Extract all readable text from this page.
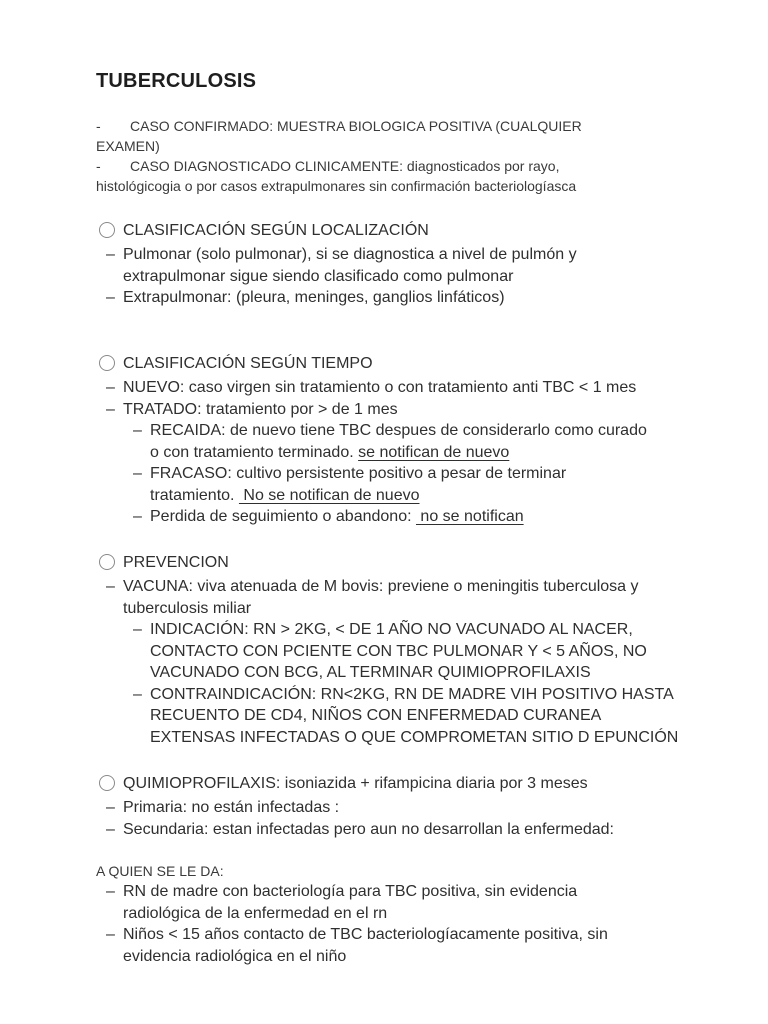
TUBERCULOSIS
- CASO CONFIRMADO: MUESTRA BIOLOGICA POSITIVA (CUALQUIER
EXAMEN)
- CASO DIAGNOSTICADO CLINICAMENTE: diagnosticados por rayo,
histológicogia o por casos extrapulmonares sin confirmación bacteriologíasca
CLASIFICACIÓN SEGÚN LOCALIZACIÓN
– Pulmonar (solo pulmonar), si se diagnostica a nivel de pulmón y
extrapulmonar sigue siendo clasificado como pulmonar
– Extrapulmonar: (pleura, meninges, ganglios linfáticos)
CLASIFICACIÓN SEGÚN TIEMPO
– NUEVO: caso virgen sin tratamiento o con tratamiento anti TBC < 1 mes
– TRATADO: tratamiento por > de 1 mes
– RECAIDA: de nuevo tiene TBC despues de considerarlo como curado
o con tratamiento terminado. se notifican de nuevo
– FRACASO: cultivo persistente positivo a pesar de terminar
tratamiento.  No se notifican de nuevo
– Perdida de seguimiento o abandono:  no se notifican
PREVENCION
– VACUNA: viva atenuada de M bovis: previene o meningitis tuberculosa y
tuberculosis miliar
– INDICACIÓN: RN > 2KG, < DE 1 AÑO NO VACUNADO AL NACER,
CONTACTO CON PCIENTE CON TBC PULMONAR Y < 5 AÑOS, NO
VACUNADO CON BCG, AL TERMINAR QUIMIOPROFILAXIS
– CONTRAINDICACIÓN: RN<2KG, RN DE MADRE VIH POSITIVO HASTA
RECUENTO DE CD4, NIÑOS CON ENFERMEDAD CURANEA
EXTENSAS INFECTADAS O QUE COMPROMETAN SITIO D EPUNCIÓN
QUIMIOPROFILAXIS: isoniazida + rifampicina diaria por 3 meses
– Primaria: no están infectadas :
– Secundaria: estan infectadas pero aun no desarrollan la enfermedad:
A QUIEN SE LE DA:
– RN de madre con bacteriología para TBC positiva, sin evidencia
radiológica de la enfermedad en el rn
– Niños < 15 años contacto de TBC bacteriologíacamente positiva, sin
evidencia radiológica en el niño
